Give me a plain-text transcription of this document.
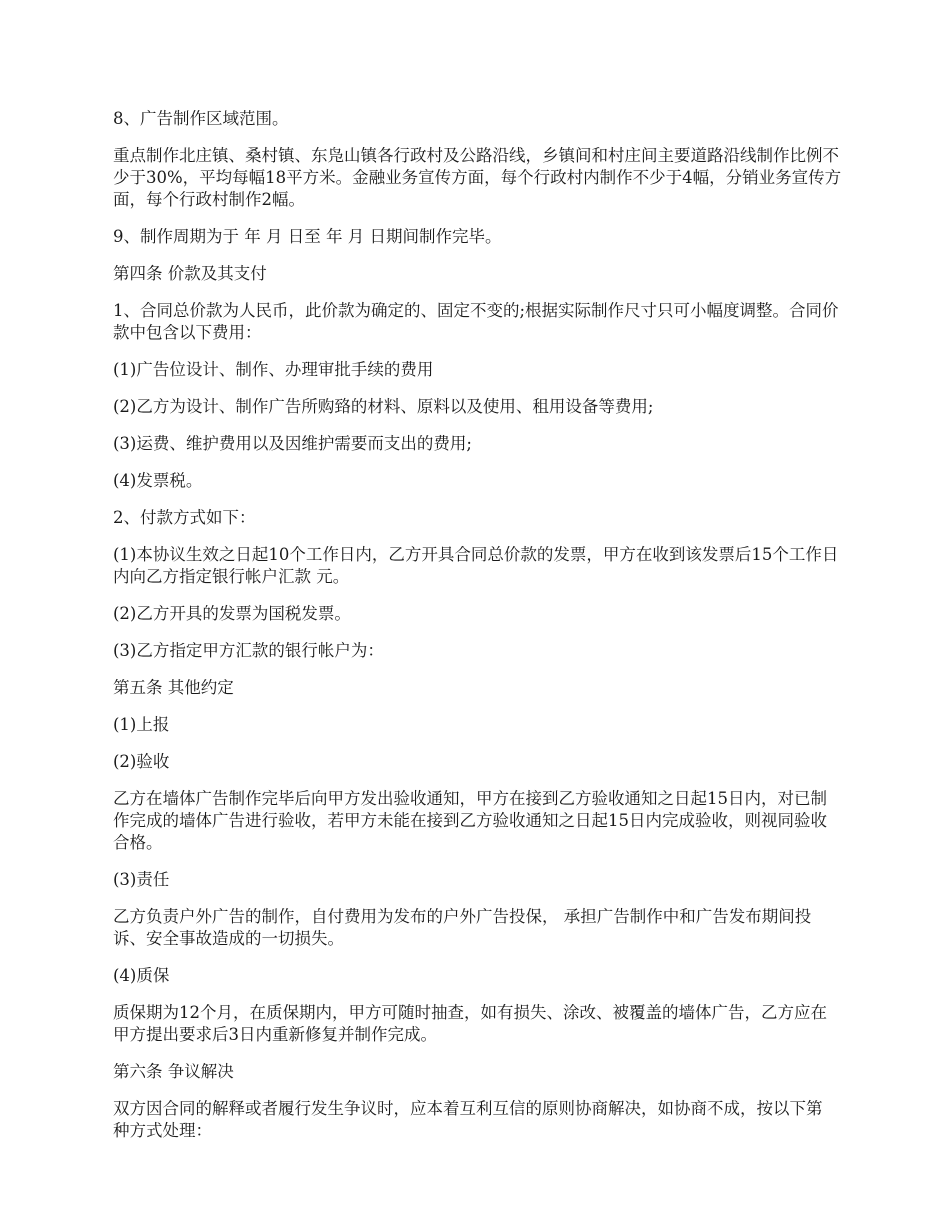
8、广告制作区域范围。

重点制作北庄镇、桑村镇、东凫山镇各行政村及公路沿线，乡镇间和村庄间主要道路沿线制作比例不少于30%，平均每幅18平方米。金融业务宣传方面，每个行政村内制作不少于4幅，分销业务宣传方面，每个行政村制作2幅。

9、制作周期为于 年 月 日至 年 月 日期间制作完毕。

第四条 价款及其支付

1、合同总价款为人民币，此价款为确定的、固定不变的;根据实际制作尺寸只可小幅度调整。合同价款中包含以下费用：

(1)广告位设计、制作、办理审批手续的费用

(2)乙方为设计、制作广告所购臵的材料、原料以及使用、租用设备等费用;

(3)运费、维护费用以及因维护需要而支出的费用;

(4)发票税。

2、付款方式如下：

(1)本协议生效之日起10个工作日内，乙方开具合同总价款的发票，甲方在收到该发票后15个工作日内向乙方指定银行帐户汇款 元。

(2)乙方开具的发票为国税发票。

(3)乙方指定甲方汇款的银行帐户为：

第五条 其他约定

(1)上报

(2)验收

乙方在墙体广告制作完毕后向甲方发出验收通知，甲方在接到乙方验收通知之日起15日内，对已制作完成的墙体广告进行验收，若甲方未能在接到乙方验收通知之日起15日内完成验收，则视同验收合格。

(3)责任

乙方负责户外广告的制作，自付费用为发布的户外广告投保， 承担广告制作中和广告发布期间投诉、安全事故造成的一切损失。

(4)质保

质保期为12个月，在质保期内，甲方可随时抽查，如有损失、涂改、被覆盖的墙体广告，乙方应在甲方提出要求后3日内重新修复并制作完成。

第六条 争议解决

双方因合同的解释或者履行发生争议时，应本着互利互信的原则协商解决，如协商不成，按以下第 种方式处理：
